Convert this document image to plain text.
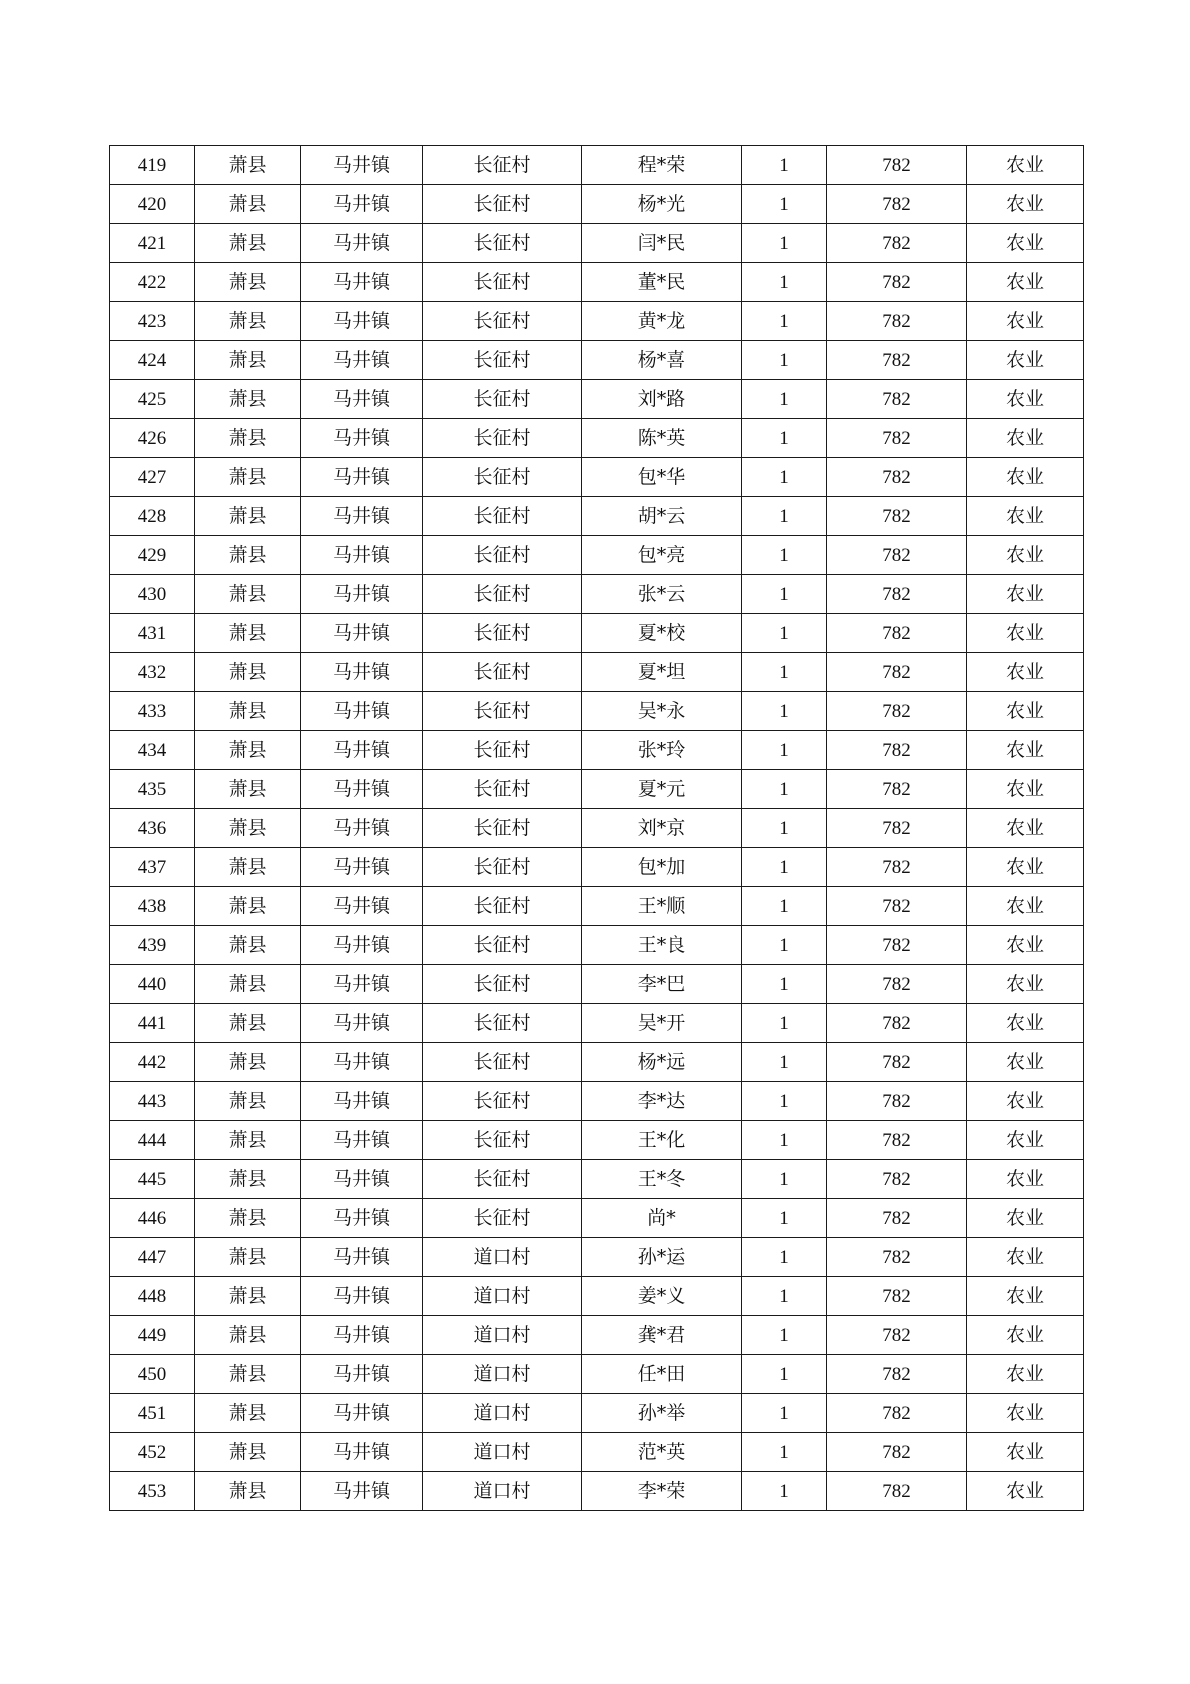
419	萧县	马井镇	长征村	程*荣	1	782	农业
420	萧县	马井镇	长征村	杨*光	1	782	农业
421	萧县	马井镇	长征村	闫*民	1	782	农业
422	萧县	马井镇	长征村	董*民	1	782	农业
423	萧县	马井镇	长征村	黄*龙	1	782	农业
424	萧县	马井镇	长征村	杨*喜	1	782	农业
425	萧县	马井镇	长征村	刘*路	1	782	农业
426	萧县	马井镇	长征村	陈*英	1	782	农业
427	萧县	马井镇	长征村	包*华	1	782	农业
428	萧县	马井镇	长征村	胡*云	1	782	农业
429	萧县	马井镇	长征村	包*亮	1	782	农业
430	萧县	马井镇	长征村	张*云	1	782	农业
431	萧县	马井镇	长征村	夏*校	1	782	农业
432	萧县	马井镇	长征村	夏*坦	1	782	农业
433	萧县	马井镇	长征村	吴*永	1	782	农业
434	萧县	马井镇	长征村	张*玲	1	782	农业
435	萧县	马井镇	长征村	夏*元	1	782	农业
436	萧县	马井镇	长征村	刘*京	1	782	农业
437	萧县	马井镇	长征村	包*加	1	782	农业
438	萧县	马井镇	长征村	王*顺	1	782	农业
439	萧县	马井镇	长征村	王*良	1	782	农业
440	萧县	马井镇	长征村	李*巴	1	782	农业
441	萧县	马井镇	长征村	吴*开	1	782	农业
442	萧县	马井镇	长征村	杨*远	1	782	农业
443	萧县	马井镇	长征村	李*达	1	782	农业
444	萧县	马井镇	长征村	王*化	1	782	农业
445	萧县	马井镇	长征村	王*冬	1	782	农业
446	萧县	马井镇	长征村	尚*	1	782	农业
447	萧县	马井镇	道口村	孙*运	1	782	农业
448	萧县	马井镇	道口村	姜*义	1	782	农业
449	萧县	马井镇	道口村	龚*君	1	782	农业
450	萧县	马井镇	道口村	任*田	1	782	农业
451	萧县	马井镇	道口村	孙*举	1	782	农业
452	萧县	马井镇	道口村	范*英	1	782	农业
453	萧县	马井镇	道口村	李*荣	1	782	农业
